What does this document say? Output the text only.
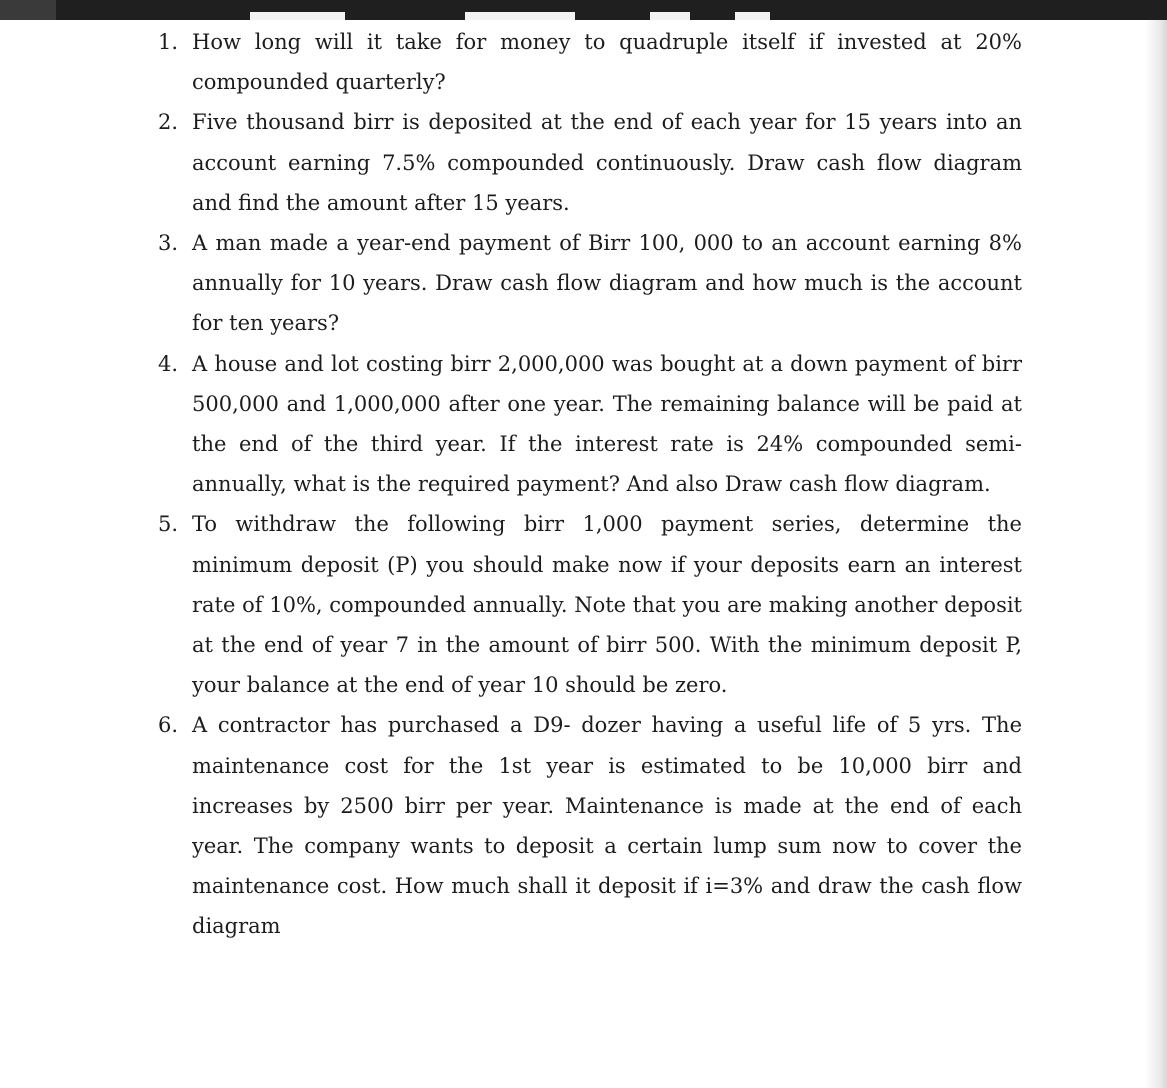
1. How long will it take for money to quadruple itself if invested at 20% compounded quarterly?
2. Five thousand birr is deposited at the end of each year for 15 years into an account earning 7.5% compounded continuously. Draw cash flow diagram and find the amount after 15 years.
3. A man made a year-end payment of Birr 100, 000 to an account earning 8% annually for 10 years. Draw cash flow diagram and how much is the account for ten years?
4. A house and lot costing birr 2,000,000 was bought at a down payment of birr 500,000 and 1,000,000 after one year. The remaining balance will be paid at the end of the third year. If the interest rate is 24% compounded semi-annually, what is the required payment? And also Draw cash flow diagram.
5. To withdraw the following birr 1,000 payment series, determine the minimum deposit (P) you should make now if your deposits earn an interest rate of 10%, compounded annually. Note that you are making another deposit at the end of year 7 in the amount of birr 500. With the minimum deposit P, your balance at the end of year 10 should be zero.
6. A contractor has purchased a D9- dozer having a useful life of 5 yrs. The maintenance cost for the 1st year is estimated to be 10,000 birr and increases by 2500 birr per year. Maintenance is made at the end of each year. The company wants to deposit a certain lump sum now to cover the maintenance cost. How much shall it deposit if i=3% and draw the cash flow diagram
